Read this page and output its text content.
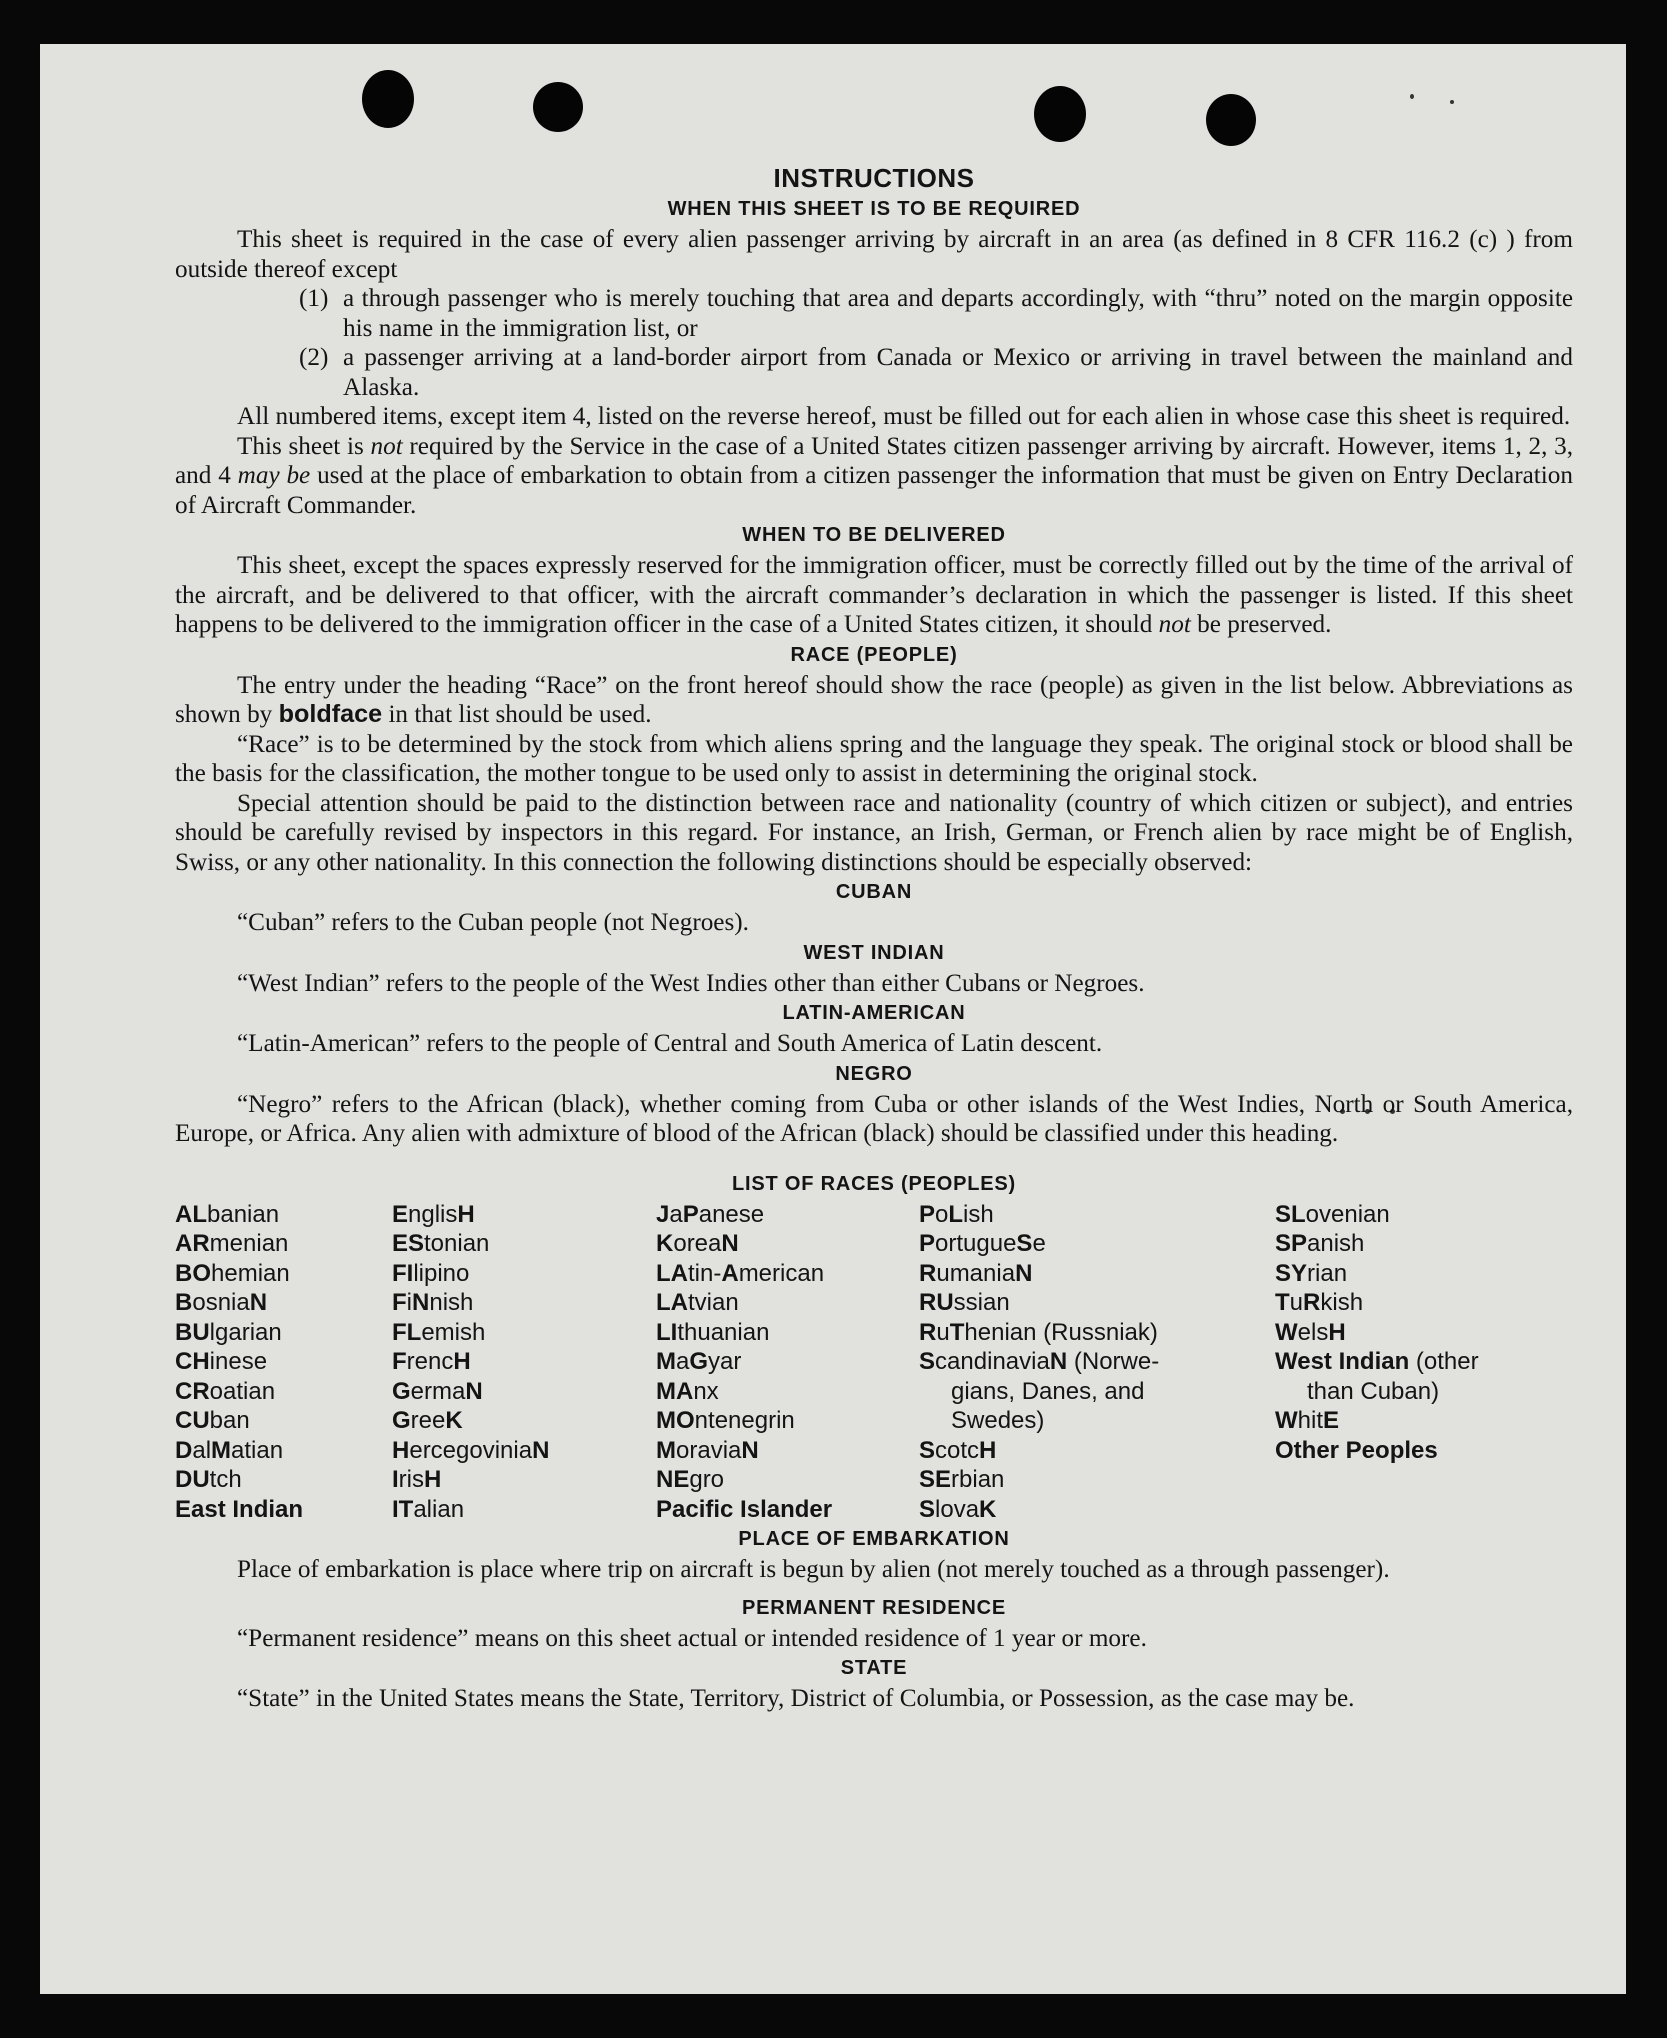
INSTRUCTIONS
WHEN THIS SHEET IS TO BE REQUIRED

This sheet is required in the case of every alien passenger arriving by aircraft in an area (as defined in 8 CFR 116.2 (c) ) from outside thereof except

(1) a through passenger who is merely touching that area and departs accordingly, with “thru” noted on the margin opposite his name in the immigration list, or
(2) a passenger arriving at a land-border airport from Canada or Mexico or arriving in travel between the mainland and Alaska.

All numbered items, except item 4, listed on the reverse hereof, must be filled out for each alien in whose case this sheet is required.

This sheet is not required by the Service in the case of a United States citizen passenger arriving by aircraft. However, items 1, 2, 3, and 4 may be used at the place of embarkation to obtain from a citizen passenger the information that must be given on Entry Declaration of Aircraft Commander.

WHEN TO BE DELIVERED

This sheet, except the spaces expressly reserved for the immigration officer, must be correctly filled out by the time of the arrival of the aircraft, and be delivered to that officer, with the aircraft commander’s declaration in which the passenger is listed. If this sheet happens to be delivered to the immigration officer in the case of a United States citizen, it should not be preserved.

RACE (PEOPLE)

The entry under the heading “Race” on the front hereof should show the race (people) as given in the list below. Abbreviations as shown by boldface in that list should be used.

“Race” is to be determined by the stock from which aliens spring and the language they speak. The original stock or blood shall be the basis for the classification, the mother tongue to be used only to assist in determining the original stock.

Special attention should be paid to the distinction between race and nationality (country of which citizen or subject), and entries should be carefully revised by inspectors in this regard. For instance, an Irish, German, or French alien by race might be of English, Swiss, or any other nationality. In this connection the following distinctions should be especially observed:

CUBAN

“Cuban” refers to the Cuban people (not Negroes).

WEST INDIAN

“West Indian” refers to the people of the West Indies other than either Cubans or Negroes.

LATIN-AMERICAN

“Latin-American” refers to the people of Central and South America of Latin descent.

NEGRO

“Negro” refers to the African (black), whether coming from Cuba or other islands of the West Indies, North or South America, Europe, or Africa. Any alien with admixture of blood of the African (black) should be classified under this heading.

LIST OF RACES (PEOPLES)
ALbanian
ARmenian
BOhemian
BosniaN
BUlgarian
CHinese
CRoatian
CUban
DalMatian
DUtch
East Indian
EnglisH
EStonian
FIlipino
FiNnish
FLemish
FrencH
GermaN
GreeK
HercegoviniaN
IrisH
ITalian
JaPanese
KoreaN
LAtin-American
LAtvian
LIthuanian
MaGyar
MAnx
MOntenegrin
MoraviaN
NEgro
Pacific Islander
PoLish
PortugueSe
RumaniaN
RUssian
RuThenian (Russniak)
ScandinaviaN (Norwe-
gians, Danes, and
Swedes)
ScotcH
SErbian
SlovaK
SLovenian
SPanish
SYrian
TuRkish
WelsH
West Indian (other
than Cuban)
WhitE
Other Peoples
PLACE OF EMBARKATION

Place of embarkation is place where trip on aircraft is begun by alien (not merely touched as a through passenger).

PERMANENT RESIDENCE

“Permanent residence” means on this sheet actual or intended residence of 1 year or more.

STATE

“State” in the United States means the State, Territory, District of Columbia, or Possession, as the case may be.
